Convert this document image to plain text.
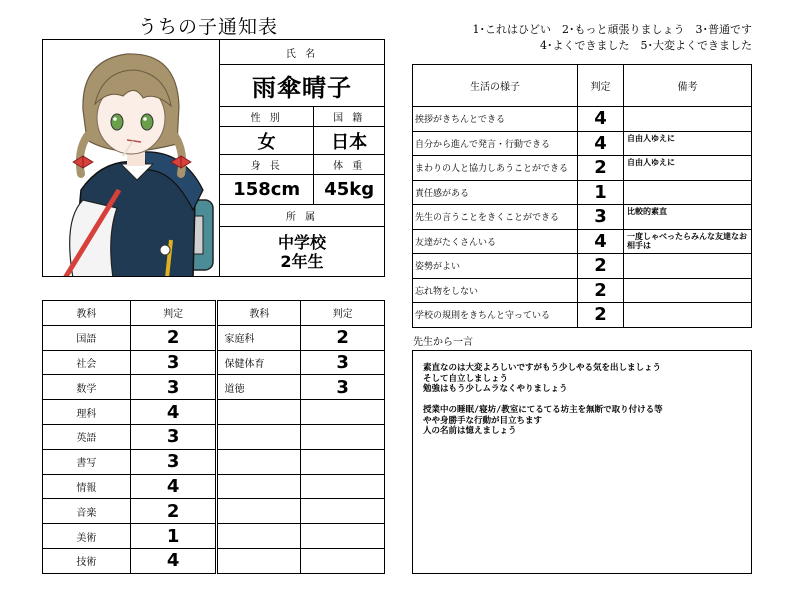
うちの子通知表	1･これはひどい　2･もっと頑張りましょう　3･普通です
4･よくできました　5･大変よくできました
氏 名	
雨傘晴子	
性 別	国 籍
女	日本
身 長	体 重
158cm	45kg
所 属	

中学校
2年生	
教科	判定	教科	判定
国語	2	家庭科	2
社会	3	保健体育	3
数学	3	道徳	3
理科	4		
英語	3		
書写	3		
情報	4		
音楽	2		
美術	1		
技術	4		
生活の様子	判定	備考
挨拶がきちんとできる	4	
自分から進んで発言・行動できる	4	自由人ゆえに
まわりの人と協力しあうことができる	2	自由人ゆえに
責任感がある	1	
先生の言うことをきくことができる	3	比較的素直
友達がたくさんいる	4	一度しゃべったらみんな友達なお相手は
姿勢がよい	2	
忘れ物をしない	2	
学校の規則をきちんと守っている	2	
先生から一言
素直なのは大変よろしいですがもう少しやる気を出しましょう
そして自立しましょう
勉強はもう少しムラなくやりましょう

授業中の睡眠/寝坊/教室にてるてる坊主を無断で取り付ける等
やや身勝手な行動が目立ちます
人の名前は憶えましょう
